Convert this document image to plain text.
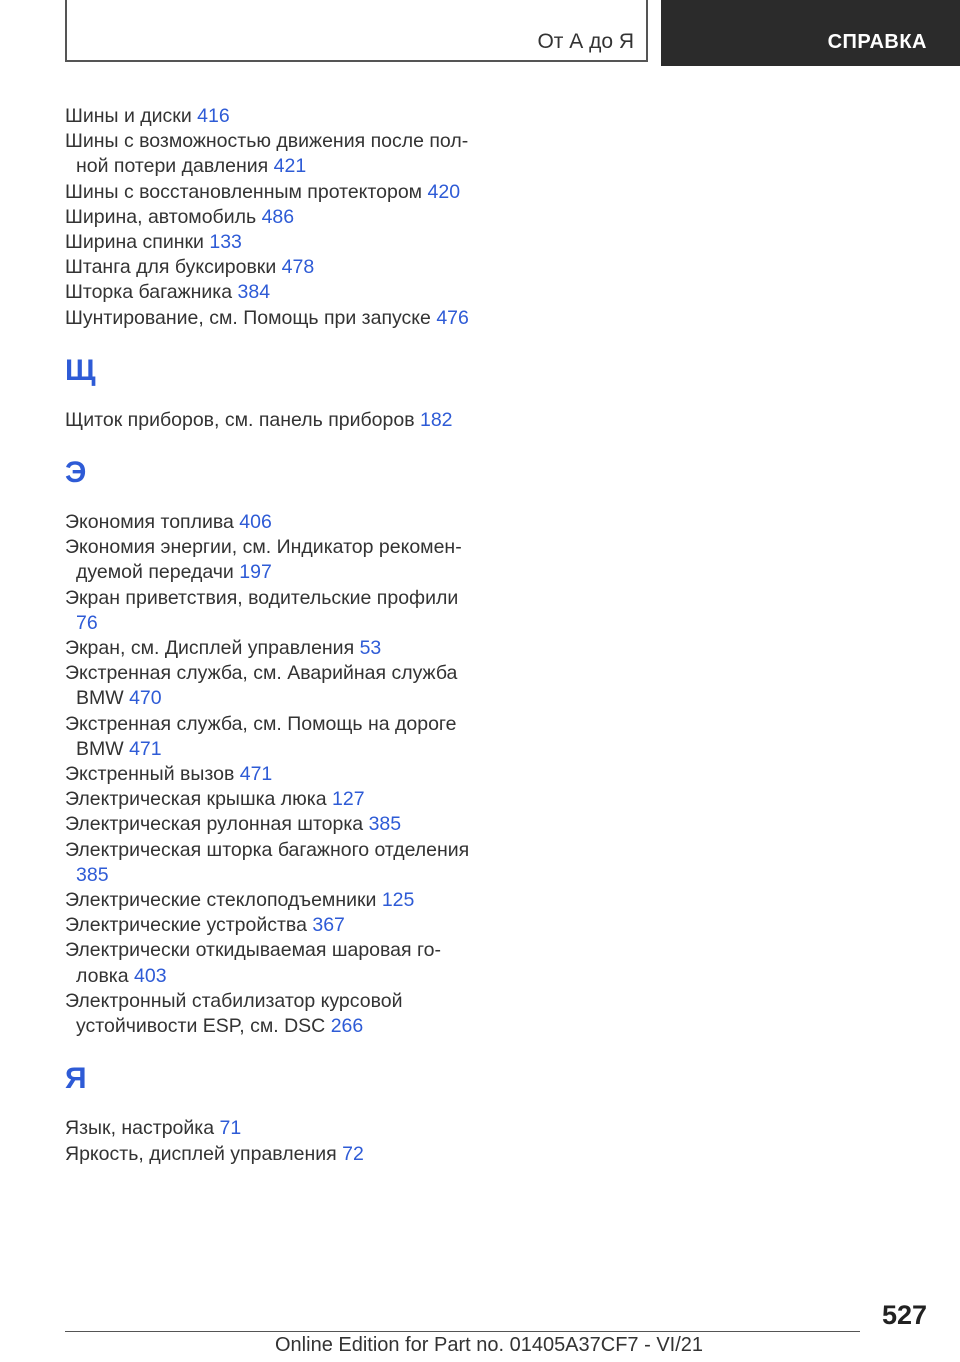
От А до Я	СПРАВКА
Шины и диски 416
Шины с возможностью движения после полной потери давления 421
Шины с восстановленным протектором 420
Ширина, автомобиль 486
Ширина спинки 133
Штанга для буксировки 478
Шторка багажника 384
Шунтирование, см. Помощь при запуске 476
Щ
Щиток приборов, см. панель приборов 182
Э
Экономия топлива 406
Экономия энергии, см. Индикатор рекомендуемой передачи 197
Экран приветствия, водительские профили 76
Экран, см. Дисплей управления 53
Экстренная служба, см. Аварийная служба BMW 470
Экстренная служба, см. Помощь на дороге BMW 471
Экстренный вызов 471
Электрическая крышка люка 127
Электрическая рулонная шторка 385
Электрическая шторка багажного отделения 385
Электрические стеклоподъемники 125
Электрические устройства 367
Электрически откидываемая шаровая головка 403
Электронный стабилизатор курсовой устойчивости ESP, см. DSC 266
Я
Язык, настройка 71
Яркость, дисплей управления 72
527
Online Edition for Part no. 01405A37CF7 - VI/21
